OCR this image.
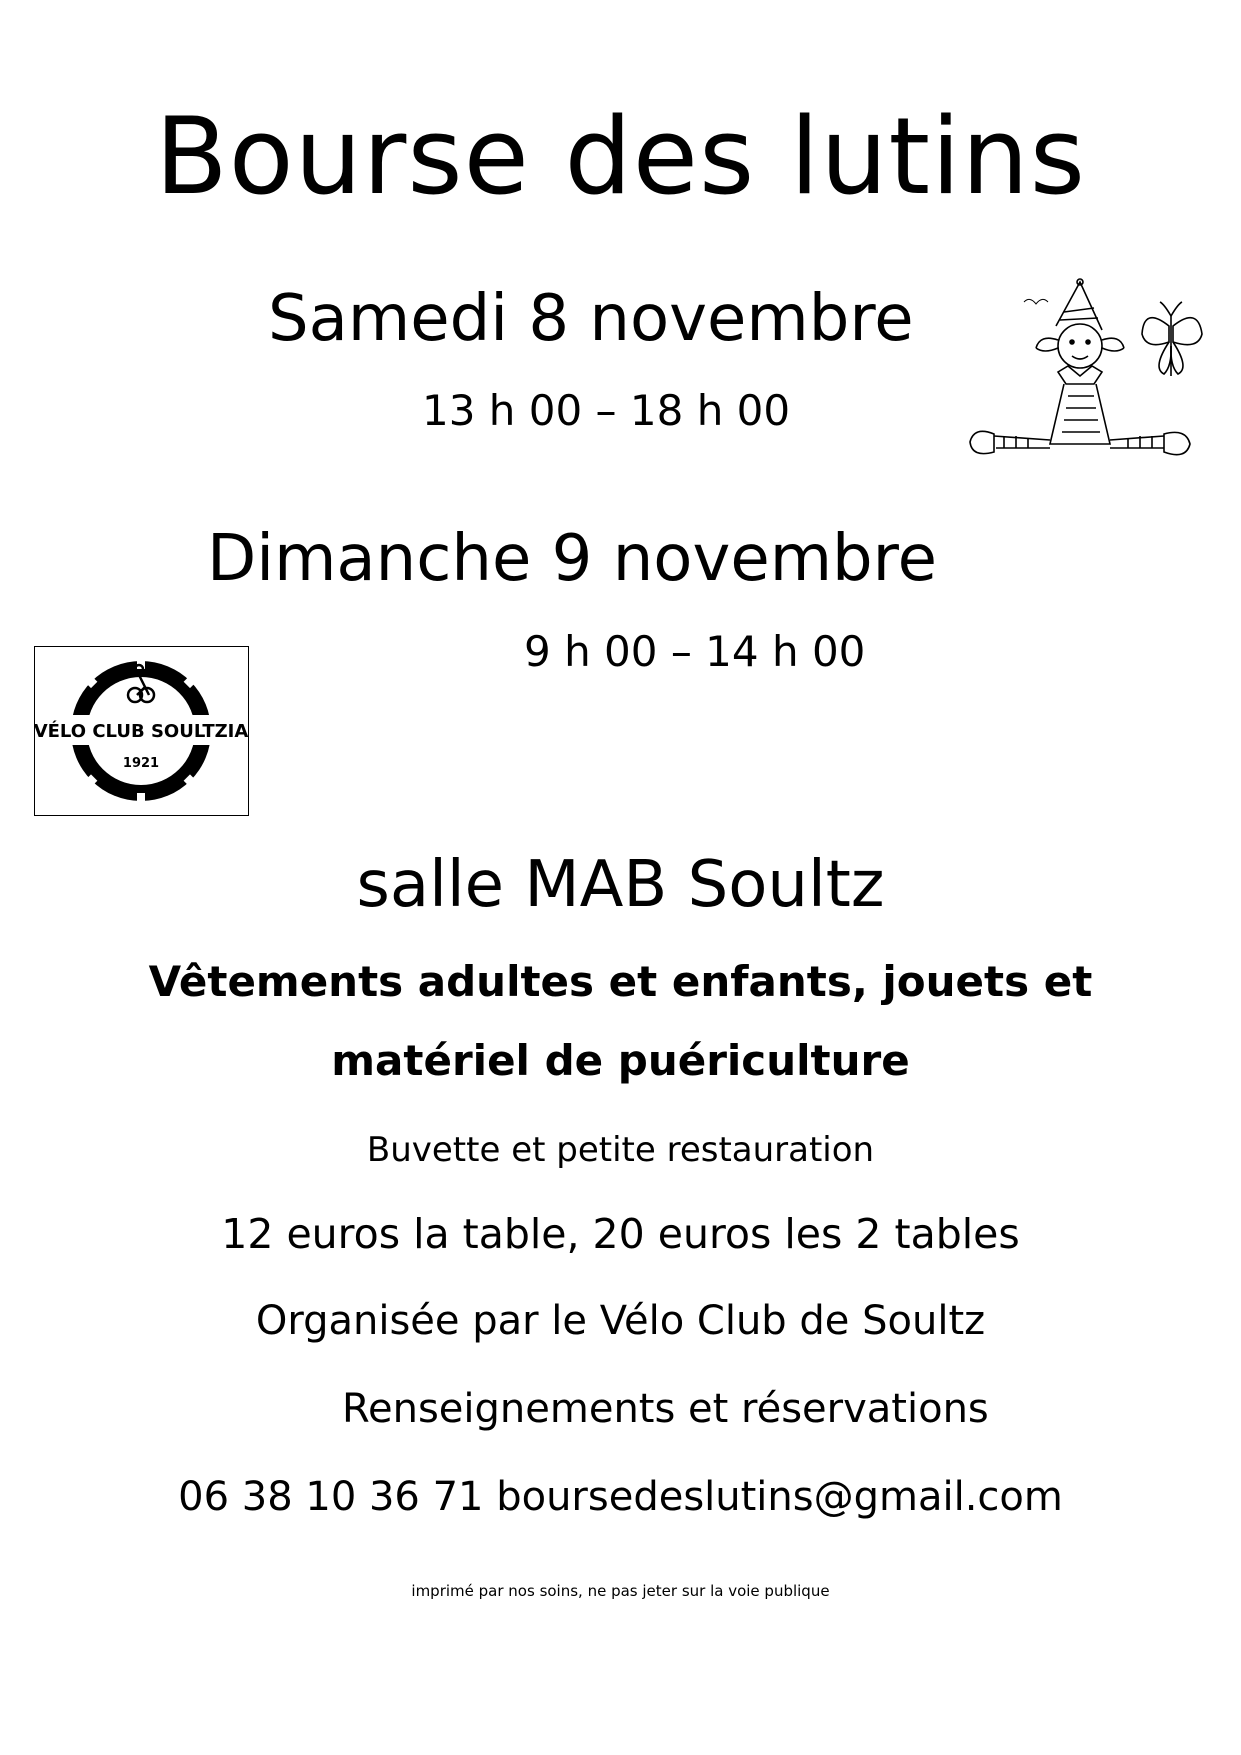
Bourse des lutins
Samedi 8 novembre
13 h 00 – 18 h 00
Dimanche 9 novembre
9 h 00 – 14 h 00
VÉLO CLUB SOULTZIA
1921
salle MAB Soultz
Vêtements adultes et enfants, jouets et
matériel de puériculture
Buvette et petite restauration
12 euros la table, 20 euros les 2 tables
Organisée par le Vélo Club de Soultz
Renseignements et réservations
06 38 10 36 71 boursedeslutins@gmail.com
imprimé par nos soins, ne pas jeter sur la voie publique
